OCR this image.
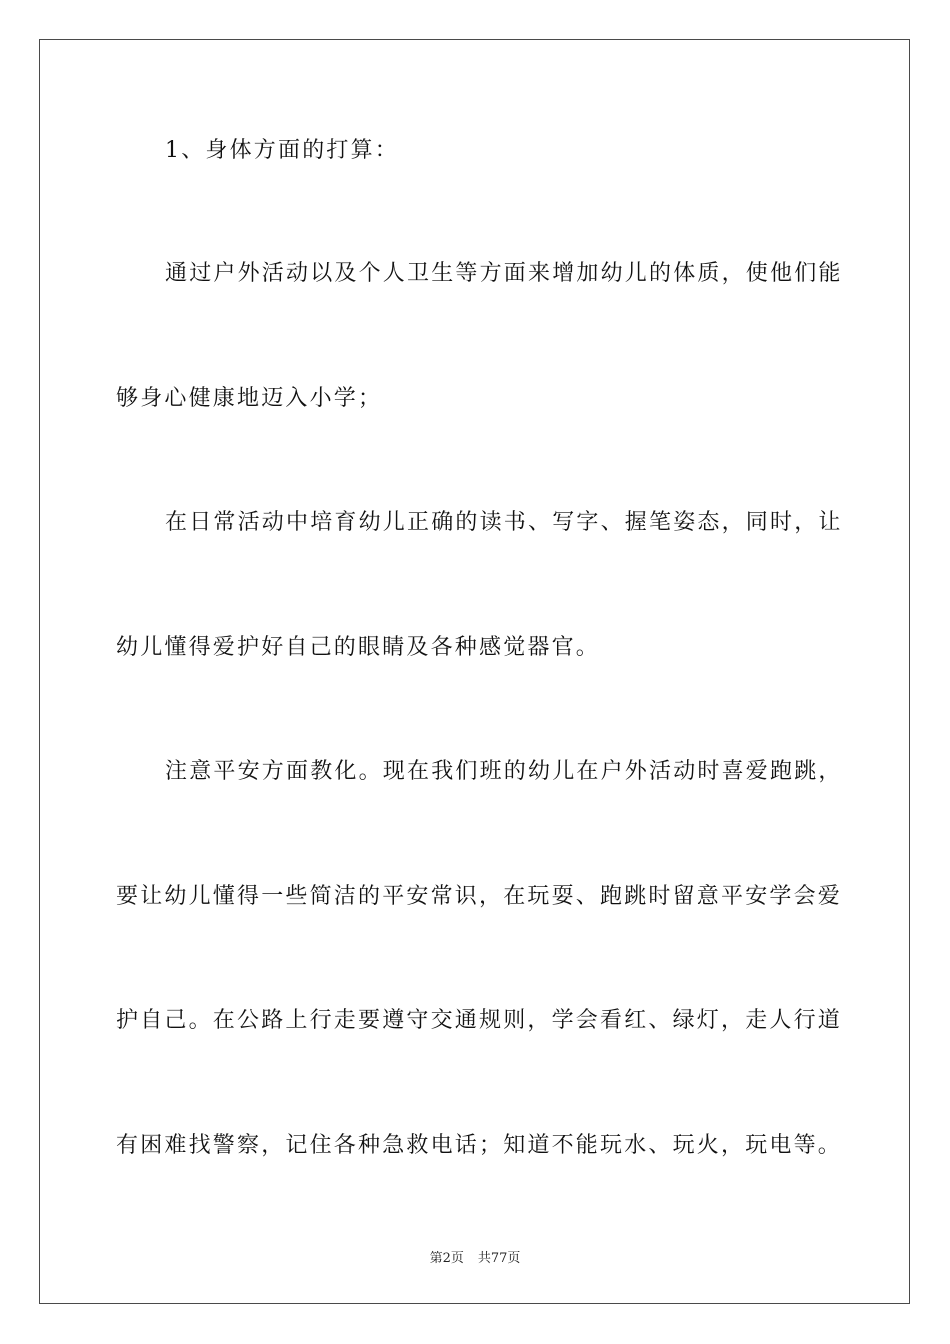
1、身体方面的打算：
通过户外活动以及个人卫生等方面来增加幼儿的体质，使他们能
够身心健康地迈入小学；
在日常活动中培育幼儿正确的读书、写字、握笔姿态，同时，让
幼儿懂得爱护好自己的眼睛及各种感觉器官。
注意平安方面教化。现在我们班的幼儿在户外活动时喜爱跑跳，
要让幼儿懂得一些简洁的平安常识，在玩耍、跑跳时留意平安学会爱
护自己。在公路上行走要遵守交通规则，学会看红、绿灯，走人行道
有困难找警察，记住各种急救电话；知道不能玩水、玩火，玩电等。
第2页 共77页
